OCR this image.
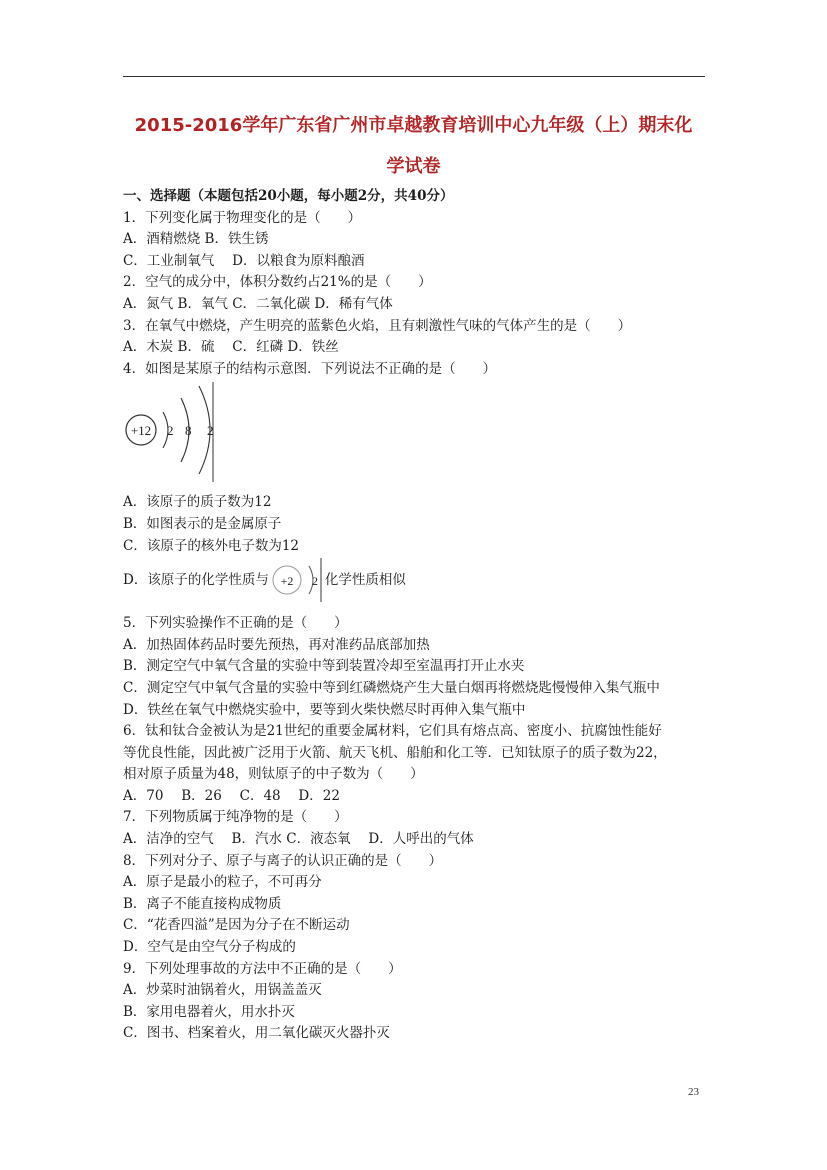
2015-2016学年广东省广州市卓越教育培训中心九年级（上）期末化
学试卷
一、选择题（本题包括20小题，每小题2分，共40分）
1．下列变化属于物理变化的是（　　）
A．酒精燃烧 B．铁生锈
C．工业制氧气　 D．以粮食为原料酿酒
2．空气的成分中，体积分数约占21%的是（　　）
A．氮气 B．氧气 C．二氧化碳 D．稀有气体
3．在氧气中燃烧，产生明亮的蓝紫色火焰，且有刺激性气味的气体产生的是（　　）
A．木炭 B．硫　 C．红磷 D．铁丝
4．如图是某原子的结构示意图．下列说法不正确的是（　　）
+12 2 8 2
A．该原子的质子数为12
B．如图表示的是金属原子
C．该原子的核外电子数为12
D．该原子的化学性质与 +2 2 化学性质相似
5．下列实验操作不正确的是（　　）
A．加热固体药品时要先预热，再对准药品底部加热
B．测定空气中氧气含量的实验中等到装置冷却至室温再打开止水夹
C．测定空气中氧气含量的实验中等到红磷燃烧产生大量白烟再将燃烧匙慢慢伸入集气瓶中
D．铁丝在氧气中燃烧实验中，要等到火柴快燃尽时再伸入集气瓶中
6．钛和钛合金被认为是21世纪的重要金属材料，它们具有熔点高、密度小、抗腐蚀性能好
等优良性能，因此被广泛用于火箭、航天飞机、船舶和化工等．已知钛原子的质子数为22，
相对原子质量为48，则钛原子的中子数为（　　）
A．70　 B．26　 C．48　 D．22
7．下列物质属于纯净物的是（　　）
A．洁净的空气　 B．汽水 C．液态氧　 D．人呼出的气体
8．下列对分子、原子与离子的认识正确的是（　　）
A．原子是最小的粒子，不可再分
B．离子不能直接构成物质
C．“花香四溢”是因为分子在不断运动
D．空气是由空气分子构成的
9．下列处理事故的方法中不正确的是（　　）
A．炒菜时油锅着火，用锅盖盖灭
B．家用电器着火，用水扑灭
C．图书、档案着火，用二氧化碳灭火器扑灭
23
